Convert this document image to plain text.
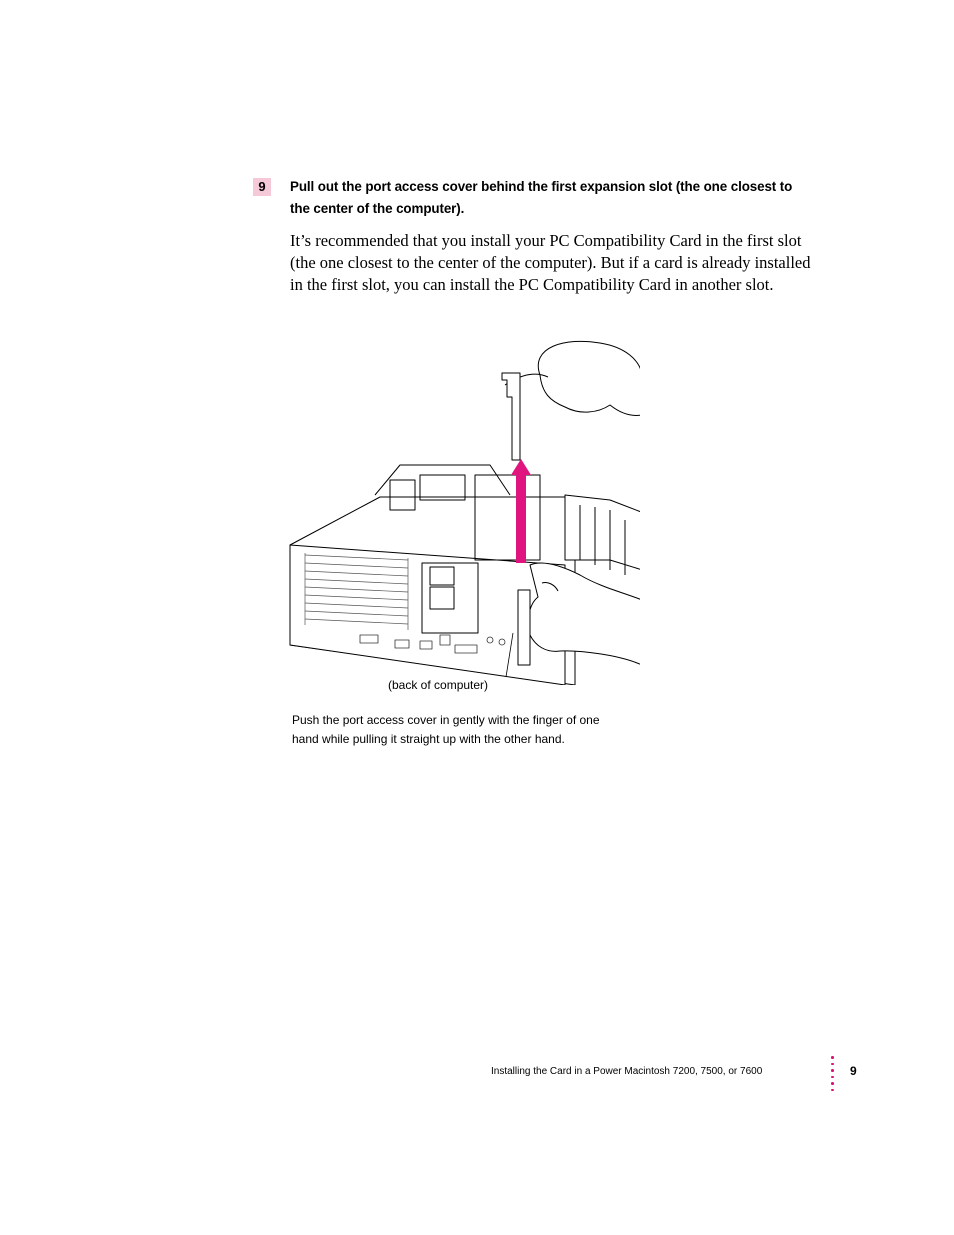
9	Pull out the port access cover behind the first expansion slot (the one closest to the center of the computer).
It’s recommended that you install your PC Compatibility Card in the first slot (the one closest to the center of the computer). But if a card is already installed in the first slot, you can install the PC Compatibility Card in another slot.
(back of computer)
Push the port access cover in gently with the finger of one hand while pulling it straight up with the other hand.
Installing the Card in a Power Macintosh 7200, 7500, or 7600	9
